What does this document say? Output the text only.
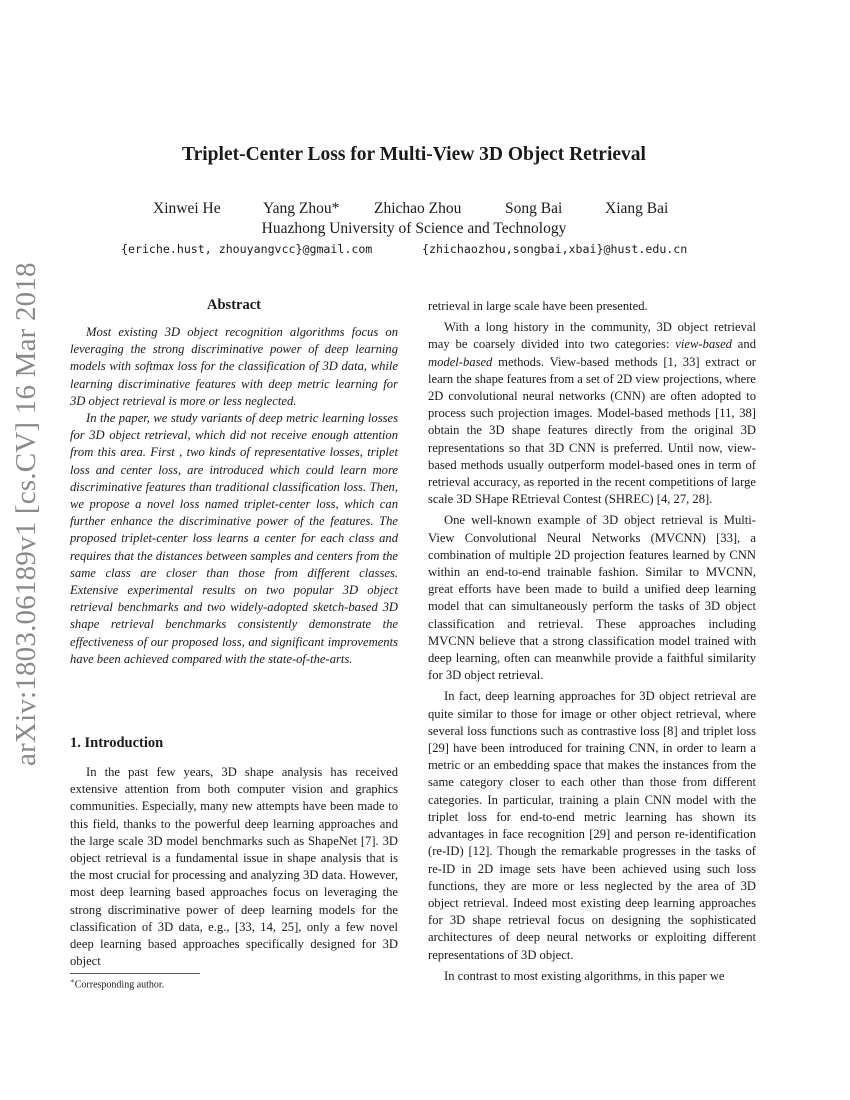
arXiv:1803.06189v1 [cs.CV] 16 Mar 2018
Triplet-Center Loss for Multi-View 3D Object Retrieval
Xinwei He	Yang Zhou* Zhichao Zhou	Song Bai	Xiang Bai
Huazhong University of Science and Technology
{eriche.hust, zhouyangvcc}@gmail.com	{zhichaozhou,songbai,xbai}@hust.edu.cn
Abstract

Most existing 3D object recognition algorithms focus on leveraging the strong discriminative power of deep learning models with softmax loss for the classification of 3D data, while learning discriminative features with deep metric learning for 3D object retrieval is more or less neglected.

In the paper, we study variants of deep metric learning losses for 3D object retrieval, which did not receive enough attention from this area. First , two kinds of representative losses, triplet loss and center loss, are introduced which could learn more discriminative features than traditional classification loss. Then, we propose a novel loss named triplet-center loss, which can further enhance the discriminative power of the features. The proposed triplet-center loss learns a center for each class and requires that the distances between samples and centers from the same class are closer than those from different classes. Extensive experimental results on two popular 3D object retrieval benchmarks and two widely-adopted sketch-based 3D shape retrieval benchmarks consistently demonstrate the effectiveness of our proposed loss, and significant improvements have been achieved compared with the state-of-the-arts.

1. Introduction

In the past few years, 3D shape analysis has received extensive attention from both computer vision and graphics communities. Especially, many new attempts have been made to this field, thanks to the powerful deep learning approaches and the large scale 3D model benchmarks such as ShapeNet [7]. 3D object retrieval is a fundamental issue in shape analysis that is the most crucial for processing and analyzing 3D data. However, most deep learning based approaches focus on leveraging the strong discriminative power of deep learning models for the classification of 3D data, e.g., [33, 14, 25], only a few novel deep learning based approaches specifically designed for 3D object

retrieval in large scale have been presented.

With a long history in the community, 3D object retrieval may be coarsely divided into two categories: view-based and model-based methods. View-based methods [1, 33] extract or learn the shape features from a set of 2D view projections, where 2D convolutional neural networks (CNN) are often adopted to process such projection images. Model-based methods [11, 38] obtain the 3D shape features directly from the original 3D representations so that 3D CNN is preferred. Until now, view-based methods usually outperform model-based ones in term of retrieval accuracy, as reported in the recent competitions of large scale 3D SHape REtrieval Contest (SHREC) [4, 27, 28].

One well-known example of 3D object retrieval is Multi-View Convolutional Neural Networks (MVCNN) [33], a combination of multiple 2D projection features learned by CNN within an end-to-end trainable fashion. Similar to MVCNN, great efforts have been made to build a unified deep learning model that can simultaneously perform the tasks of 3D object classification and retrieval. These approaches including MVCNN believe that a strong classification model trained with deep learning, often can meanwhile provide a faithful similarity for 3D object retrieval.

In fact, deep learning approaches for 3D object retrieval are quite similar to those for image or other object retrieval, where several loss functions such as contrastive loss [8] and triplet loss [29] have been introduced for training CNN, in order to learn a metric or an embedding space that makes the instances from the same category closer to each other than those from different categories. In particular, training a plain CNN model with the triplet loss for end-to-end metric learning has shown its advantages in face recognition [29] and person re-identification (re-ID) [12]. Though the remarkable progresses in the tasks of re-ID in 2D image sets have been achieved using such loss functions, they are more or less neglected by the area of 3D object retrieval. Indeed most existing deep learning approaches for 3D shape retrieval focus on designing the sophisticated architectures of deep neural networks or exploiting different representations of 3D object.

In contrast to most existing algorithms, in this paper we

∗Corresponding author.
